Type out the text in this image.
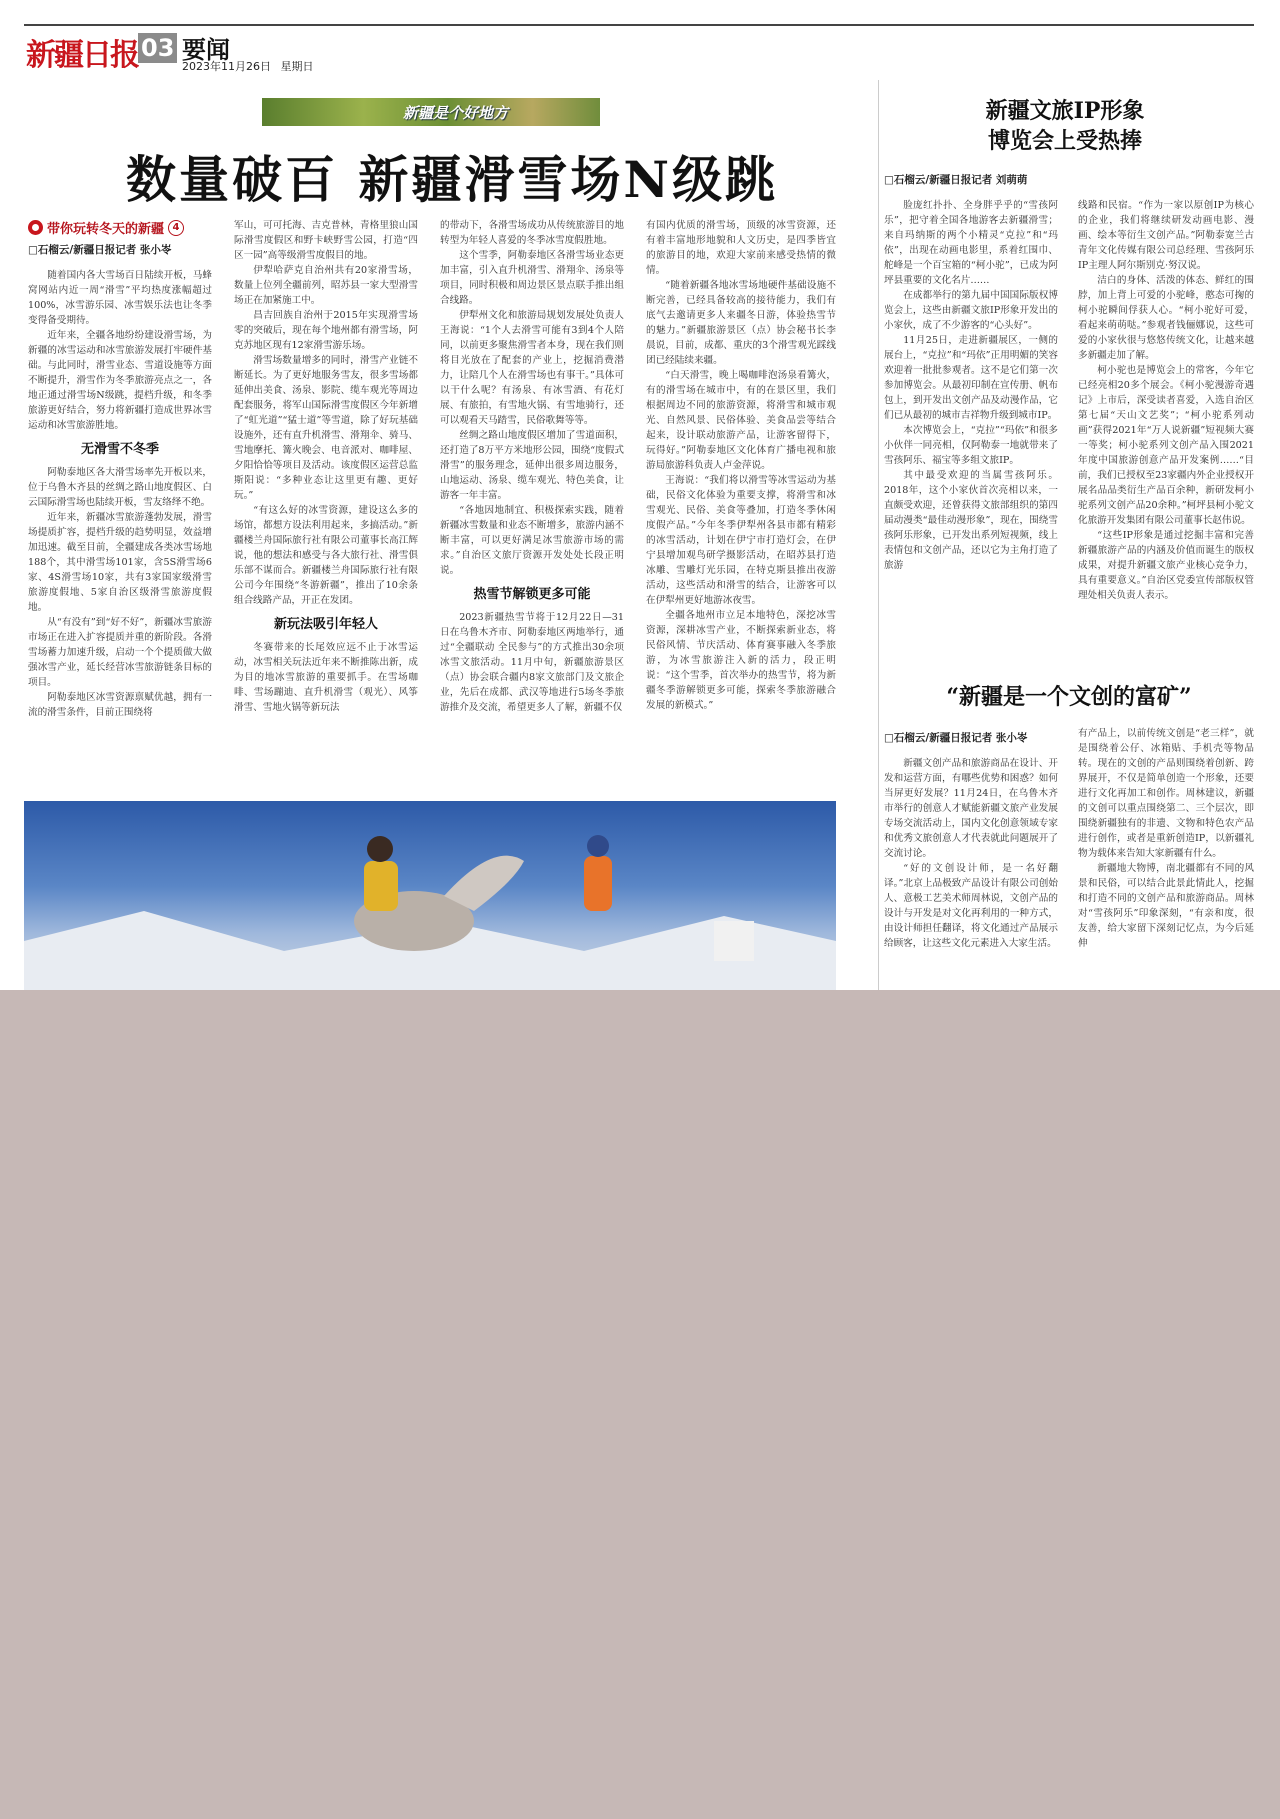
新疆日报 03 要闻
2023年11月26日 星期日
新疆是个好地方
数量破百 新疆滑雪场N级跳
带你玩转冬天的新疆 4
□石榴云/新疆日报记者 张小岺

随着国内各大雪场百日陆续开板，马蜂窝网站内近一周“滑雪”平均热度涨幅超过100%，冰雪游乐园、冰雪娱乐法也让冬季变得备受期待。

近年来，全疆各地纷纷建设滑雪场，为新疆的冰雪运动和冰雪旅游发展打牢硬件基础。与此同时，滑雪业态、雪道设施等方面不断提升，滑雪作为冬季旅游亮点之一，各地正通过滑雪场N级跳，提档升级，和冬季旅游更好结合，努力将新疆打造成世界冰雪运动和冰雪旅游胜地。

无滑雪不冬季

阿勒泰地区各大滑雪场率先开板以来，位于乌鲁木齐县的丝绸之路山地度假区、白云国际滑雪场也陆续开板，雪友络绎不绝。

近年来，新疆冰雪旅游蓬勃发展，滑雪场提质扩容，提档升级的趋势明显，效益增加迅速。截至目前，全疆建成各类冰雪场地188个，其中滑雪场101家，含5S滑雪场6家、4S滑雪场10家，共有3家国家级滑雪旅游度假地、5家自治区级滑雪旅游度假地。

从“有没有”到“好不好”，新疆冰雪旅游市场正在进入扩容提质并重的新阶段。各滑雪场蓄力加速升级，启动一个个提质做大做强冰雪产业，延长经营冰雪旅游链条目标的项目。

阿勒泰地区冰雪资源禀赋优越，拥有一流的滑雪条件，目前正围绕将

军山，可可托海、吉克普林，青格里狼山国际滑雪度假区和野卡峡野雪公园，打造“四区一园”高等级滑雪度假目的地。

伊犁哈萨克自治州共有20家滑雪场，数量上位列全疆前列，昭苏县一家大型滑雪场正在加紧施工中。

昌吉回族自治州于2015年实现滑雪场零的突破后，现在每个地州都有滑雪场，阿克苏地区现有12家滑雪游乐场。

滑雪场数量增多的同时，滑雪产业链不断延长。为了更好地服务雪友，很多雪场都延伸出美食、汤泉、影院、缆车观光等周边配套服务，将军山国际滑雪度假区今年新增了“虹光道”“猛士道”等雪道，除了好玩基础设施外，还有直升机滑雪、滑翔伞、骑马、雪地摩托、篝火晚会、电音派对、咖啡屋、夕阳恰恰等项目及活动。该度假区运营总监斯阳说：“多种业态让这里更有趣、更好玩。”

“有这么好的冰雪资源，建设这么多的场馆，都想方设法利用起来，多搞活动。”新疆楼兰舟国际旅行社有限公司董事长高江辉说，他的想法和感受与各大旅行社、滑雪俱乐部不谋而合。新疆楼兰舟国际旅行社有限公司今年围绕“冬游新疆”，推出了10余条组合线路产品，开正在发团。

新玩法吸引年轻人

冬赛带来的长尾效应远不止于冰雪运动，冰雪相关玩法近年来不断推陈出新，成为目的地冰雪旅游的重要抓手。在雪场咖啡、雪场蹦迪、直升机滑雪（观光）、风筝滑雪、雪地火锅等新玩法

的带动下，各滑雪场成功从传统旅游目的地转型为年轻人喜爱的冬季冰雪度假胜地。

这个雪季，阿勒泰地区各滑雪场业态更加丰富，引入直升机滑雪、滑翔伞、汤泉等项目，同时积极和周边景区景点联手推出组合线路。

伊犁州文化和旅游局规划发展处负责人王海说：“1个人去滑雪可能有3到4个人陪同，以前更多聚焦滑雪者本身，现在我们则将目光放在了配套的产业上，挖掘消费潜力，让陪几个人在滑雪场也有事干。”具体可以干什么呢？有汤泉、有冰雪酒、有花灯展、有旅拍，有雪地火锅、有雪地骑行，还可以观看天马踏雪，民俗歌舞等等。

丝绸之路山地度假区增加了雪道面积，还打造了8万平方米地形公园，围绕“度假式滑雪”的服务理念，延伸出很多周边服务，山地运动、汤泉、缆车观光、特色美食，让游客一年丰富。

“各地因地制宜、积极探索实践，随着新疆冰雪数量和业态不断增多，旅游内涵不断丰富，可以更好满足冰雪旅游市场的需求。”自治区文旅厅资源开发处处长段正明说。

热雪节解锁更多可能

2023新疆热雪节将于12月22日—31日在乌鲁木齐市、阿勒泰地区两地举行，通过“全疆联动 全民参与”的方式推出30余项冰雪文旅活动。11月中旬，新疆旅游景区（点）协会联合疆内8家文旅部门及文旅企业，先后在成都、武汉等地进行5场冬季旅游推介及交流，希望更多人了解，新疆不仅

有国内优质的滑雪场，顶级的冰雪资源，还有着丰富地形地貌和人文历史，是四季皆宜的旅游目的地，欢迎大家前来感受热情的微情。

“随着新疆各地冰雪场地硬件基础设施不断完善，已经具备较高的接待能力，我们有底气去邀请更多人来疆冬日游，体验热雪节的魅力。”新疆旅游景区（点）协会秘书长李晨说，目前，成都、重庆的3个滑雪观光踩线团已经陆续来疆。

“白天滑雪，晚上喝咖啡泡汤泉看篝火，有的滑雪场在城市中，有的在景区里，我们根据周边不同的旅游资源，将滑雪和城市观光、自然风景、民俗体验、美食品尝等结合起来，设计联动旅游产品，让游客留得下，玩得好。”阿勒泰地区文化体育广播电视和旅游局旅游科负责人卢金萍说。

王海说：“我们将以滑雪等冰雪运动为基础，民俗文化体验为重要支撑，将滑雪和冰雪观光、民俗、美食等叠加，打造冬季休闲度假产品。”今年冬季伊犁州各县市都有精彩的冰雪活动，计划在伊宁市打造灯会，在伊宁县增加观鸟研学摄影活动，在昭苏县打造冰雕、雪雕灯光乐园，在特克斯县推出夜游活动，这些活动和滑雪的结合，让游客可以在伊犁州更好地游冰夜雪。

全疆各地州市立足本地特色，深挖冰雪资源，深耕冰雪产业，不断探索新业态，将民俗风情、节庆活动、体育赛事融入冬季旅游，为冰雪旅游注入新的活力，段正明说：“这个雪季，首次举办的热雪节，将为新疆冬季游解锁更多可能，探索冬季旅游融合发展的新模式。”

新疆文旅IP形象
博览会上受热捧
□石榴云/新疆日报记者 刘萌萌

脸庞红扑扑、全身胖乎乎的“雪孩阿乐”，把守着全国各地游客去新疆滑雪；来自玛纳斯的两个小精灵“克拉”和“玛依”，出现在动画电影里，系着红围巾、舵峰是一个百宝箱的“柯小驼”，已成为阿坪县重要的文化名片……

在成都举行的第九届中国国际版权博览会上，这些由新疆文旅IP形象开发出的小家伙，成了不少游客的“心头好”。

11月25日，走进新疆展区，一侧的展台上，“克拉”和“玛依”正用明媚的笑容欢迎着一批批参观者。这不是它们第一次参加博览会。从最初印制在宣传册、帆布包上，到开发出文创产品及动漫作品，它们已从最初的城市吉祥物升级到城市IP。

本次博览会上，“克拉”“玛依”和很多小伙伴一同亮相，仅阿勒泰一地就带来了雪孩阿乐、福宝等多组文旅IP。

其中最受欢迎的当属雪孩阿乐。2018年，这个小家伙首次亮相以来，一直颇受欢迎，还曾获得文旅部组织的第四届动漫类“最佳动漫形象”，现在，围绕雪孩阿乐形象，已开发出系列短视频，线上表情包和文创产品，还以它为主角打造了旅游

线路和民宿。“作为一家以原创IP为核心的企业，我们将继续研发动画电影、漫画、绘本等衍生文创产品。”阿勒泰宽兰古青年文化传媒有限公司总经理、雪孩阿乐IP主理人阿尔斯别克·努汉说。

洁白的身体、活泼的体态、鲜红的围脖，加上背上可爱的小驼峰，憨态可掬的柯小驼瞬间俘获人心。“柯小驼好可爱，看起来萌萌哒。”参观者钱俪娜说，这些可爱的小家伙很与悠悠传统文化，让越来越多新疆走加了解。

柯小驼也是博览会上的常客，今年它已经亮相20多个展会。《柯小驼漫游奇遇记》上市后，深受读者喜爱，入选自治区第七届“天山文艺奖”；“柯小驼系列动画”获得2021年“万人说新疆”短视频大赛一等奖；柯小驼系列文创产品入围2021年度中国旅游创意产品开发案例……“目前，我们已授权至23家疆内外企业授权开展名品品类衍生产品百余种，新研发柯小驼系列文创产品20余种。”柯坪县柯小驼文化旅游开发集团有限公司董事长赵伟说。

“这些IP形象是通过挖掘丰富和完善新疆旅游产品的内涵及价值而诞生的版权成果，对提升新疆文旅产业核心竞争力，具有重要意义。”自治区党委宣传部版权管理处相关负责人表示。

“新疆是一个文创的富矿”
□石榴云/新疆日报记者 张小岺

新疆文创产品和旅游商品在设计、开发和运营方面，有哪些优势和困惑？如何当屏更好发展？11月24日，在乌鲁木齐市举行的创意人才赋能新疆文旅产业发展专场交流活动上，国内文化创意领域专家和优秀文旅创意人才代表就此问题展开了交流讨论。

“好的文创设计师，是一名好翻译。”北京上品极致产品设计有限公司创始人、意极工艺美术师周林说，文创产品的设计与开发是对文化再利用的一种方式，由设计师担任翻译，将文化通过产品展示给顾客，让这些文化元素进入大家生活。

有产品上，以前传统文创是“老三样”，就是围绕着公仔、冰箱贴、手机壳等物品转。现在的文创的产品则围绕着创新、跨界展开，不仅是简单创造一个形象，还要进行文化再加工和创作。周林建议，新疆的文创可以重点围绕第二、三个层次，即围绕新疆独有的非遗、文物和特色农产品进行创作，或者是重新创造IP，以新疆礼物为载体来告知大家新疆有什么。

新疆地大物博，南北疆都有不同的风景和民俗，可以结合此景此情此人，挖掘和打造不同的文创产品和旅游商品。周林对“雪孩阿乐”印象深刻，“有亲和度，很友善，给大家留下深刻记忆点，为今后延伸
